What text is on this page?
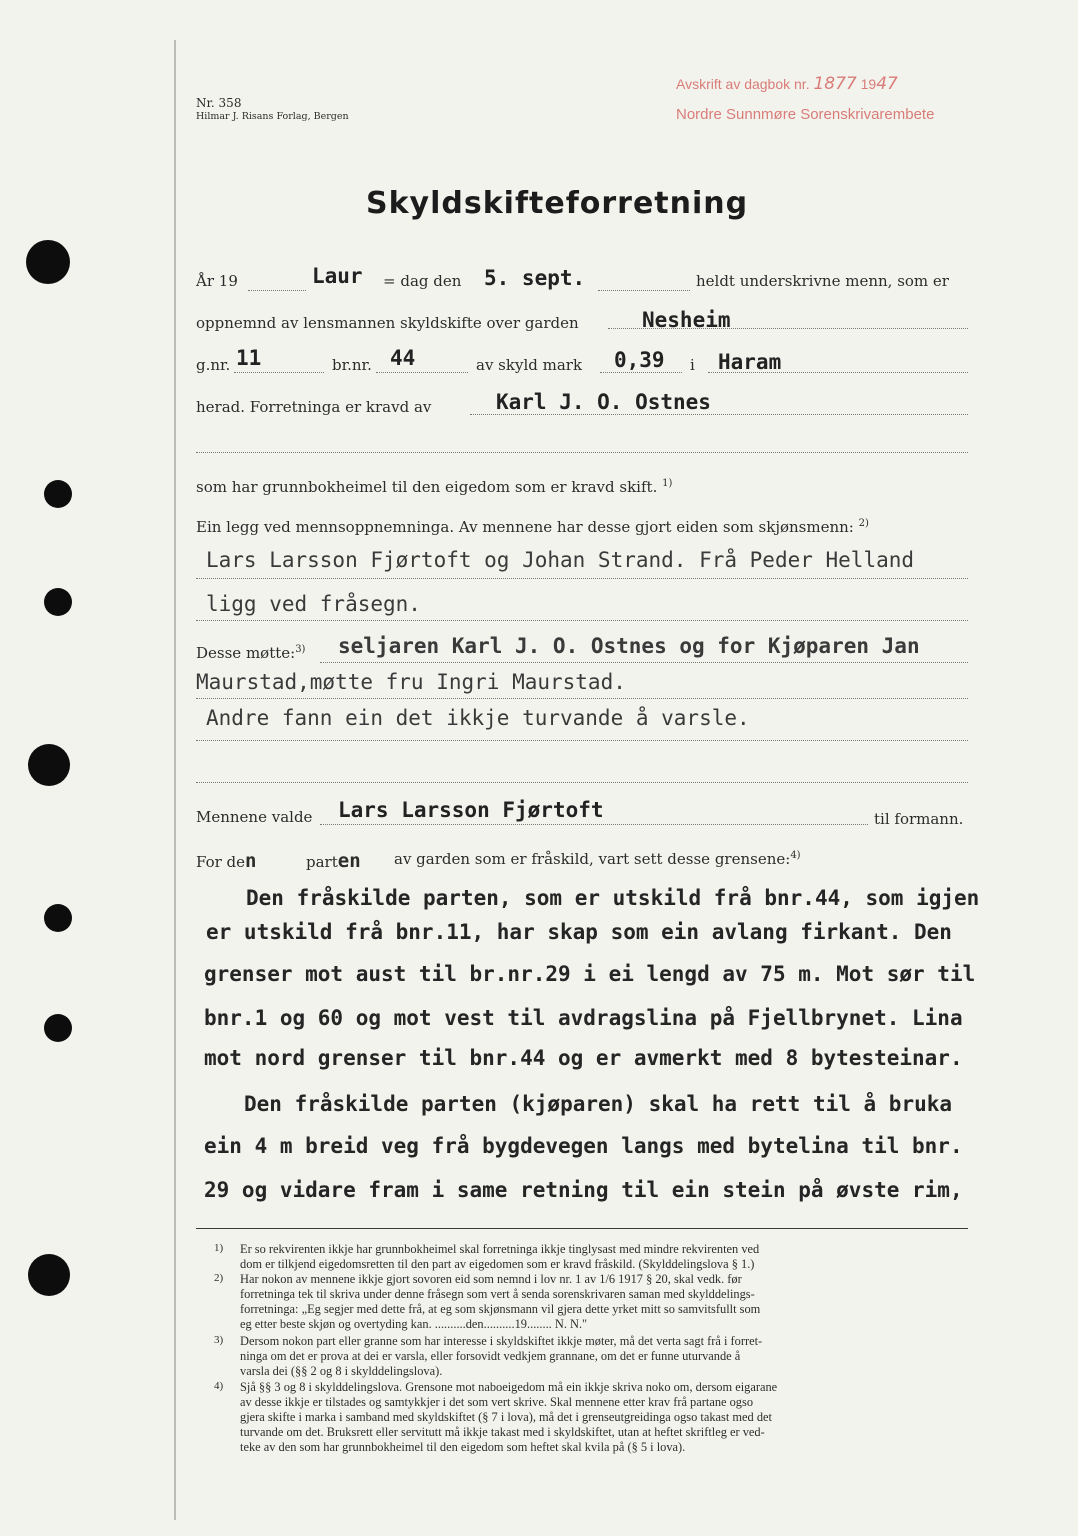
Nr. 358
Hilmar J. Risans Forlag, Bergen
Avskrift av dagbok nr. 1877 1947
Nordre Sunnmøre Sorenskrivarembete
Skyldskifteforretning
År 19	Laur = dag den 5. sept.	heldt underskrivne menn, som er
oppnemnd av lensmannen skyldskifte over garden	Nesheim
g.nr. 11	br.nr. 44	av skyld mark 0,39 i Haram
herad. Forretninga er kravd av	Karl J. O. Ostnes
som har grunnbokheimel til den eigedom som er kravd skift. $^{1)}$
Ein legg ved mennsoppnemninga. Av mennene har desse gjort eiden som skjønsmenn: $^{2)}$
Lars Larsson Fjørtoft og Johan Strand. Frå Peder Helland
ligg ved fråsegn.
Desse møtte:$^{3)}$ seljaren Karl J. O. Ostnes og for Kjøparen Jan
Maurstad,møtte fru Ingri Maurstad.
Andre fann ein det ikkje turvande å varsle.
Mennene valde Lars Larsson Fjørtoft	til formann.
For den	parten av garden som er fråskild, vart sett desse grensene:$^{4)}$
Den fråskilde parten, som er utskild frå bnr.44, som igjen
er utskild frå bnr.11, har skap som ein avlang firkant. Den
grenser mot aust til br.nr.29 i ei lengd av 75 m. Mot sør til
bnr.1 og 60 og mot vest til avdragslina på Fjellbrynet. Lina
mot nord grenser til bnr.44 og er avmerkt med 8 bytesteinar.
Den fråskilde parten (kjøparen) skal ha rett til å bruka
ein 4 m breid veg frå bygdevegen langs med bytelina til bnr.
29 og vidare fram i same retning til ein stein på øvste rim,
1) Er so rekvirenten ikkje har grunnbokheimel skal forretninga ikkje tinglysast med mindre rekvirenten ved
dom er tilkjend eigedomsretten til den part av eigedomen som er kravd fråskild. (Skylddelingslova § 1.)
2) Har nokon av mennene ikkje gjort sovoren eid som nemnd i lov nr. 1 av 1/6 1917 § 20, skal vedk. før
forretninga tek til skriva under denne fråsegn som vert å senda sorenskrivaren saman med skylddelings-
forretninga: „Eg segjer med dette frå, at eg som skjønsmann vil gjera dette yrket mitt so samvitsfullt som
eg etter beste skjøn og overtyding kan. ..........den..........19........ N. N."
3) Dersom nokon part eller granne som har interesse i skyldskiftet ikkje møter, må det verta sagt frå i forret-
ninga om det er prova at dei er varsla, eller forsovidt vedkjem grannane, om det er funne uturvande å
varsla dei (§§ 2 og 8 i skylddelingslova).
4) Sjå §§ 3 og 8 i skylddelingslova. Grensone mot naboeigedom må ein ikkje skriva noko om, dersom eigarane
av desse ikkje er tilstades og samtykkjer i det som vert skrive. Skal mennene etter krav frå partane ogso
gjera skifte i marka i samband med skyldskiftet (§ 7 i lova), må det i grenseutgreidinga ogso takast med det
turvande om det. Bruksrett eller servitutt må ikkje takast med i skyldskiftet, utan at heftet skriftleg er ved-
teke av den som har grunnbokheimel til den eigedom som heftet skal kvila på (§ 5 i lova).
